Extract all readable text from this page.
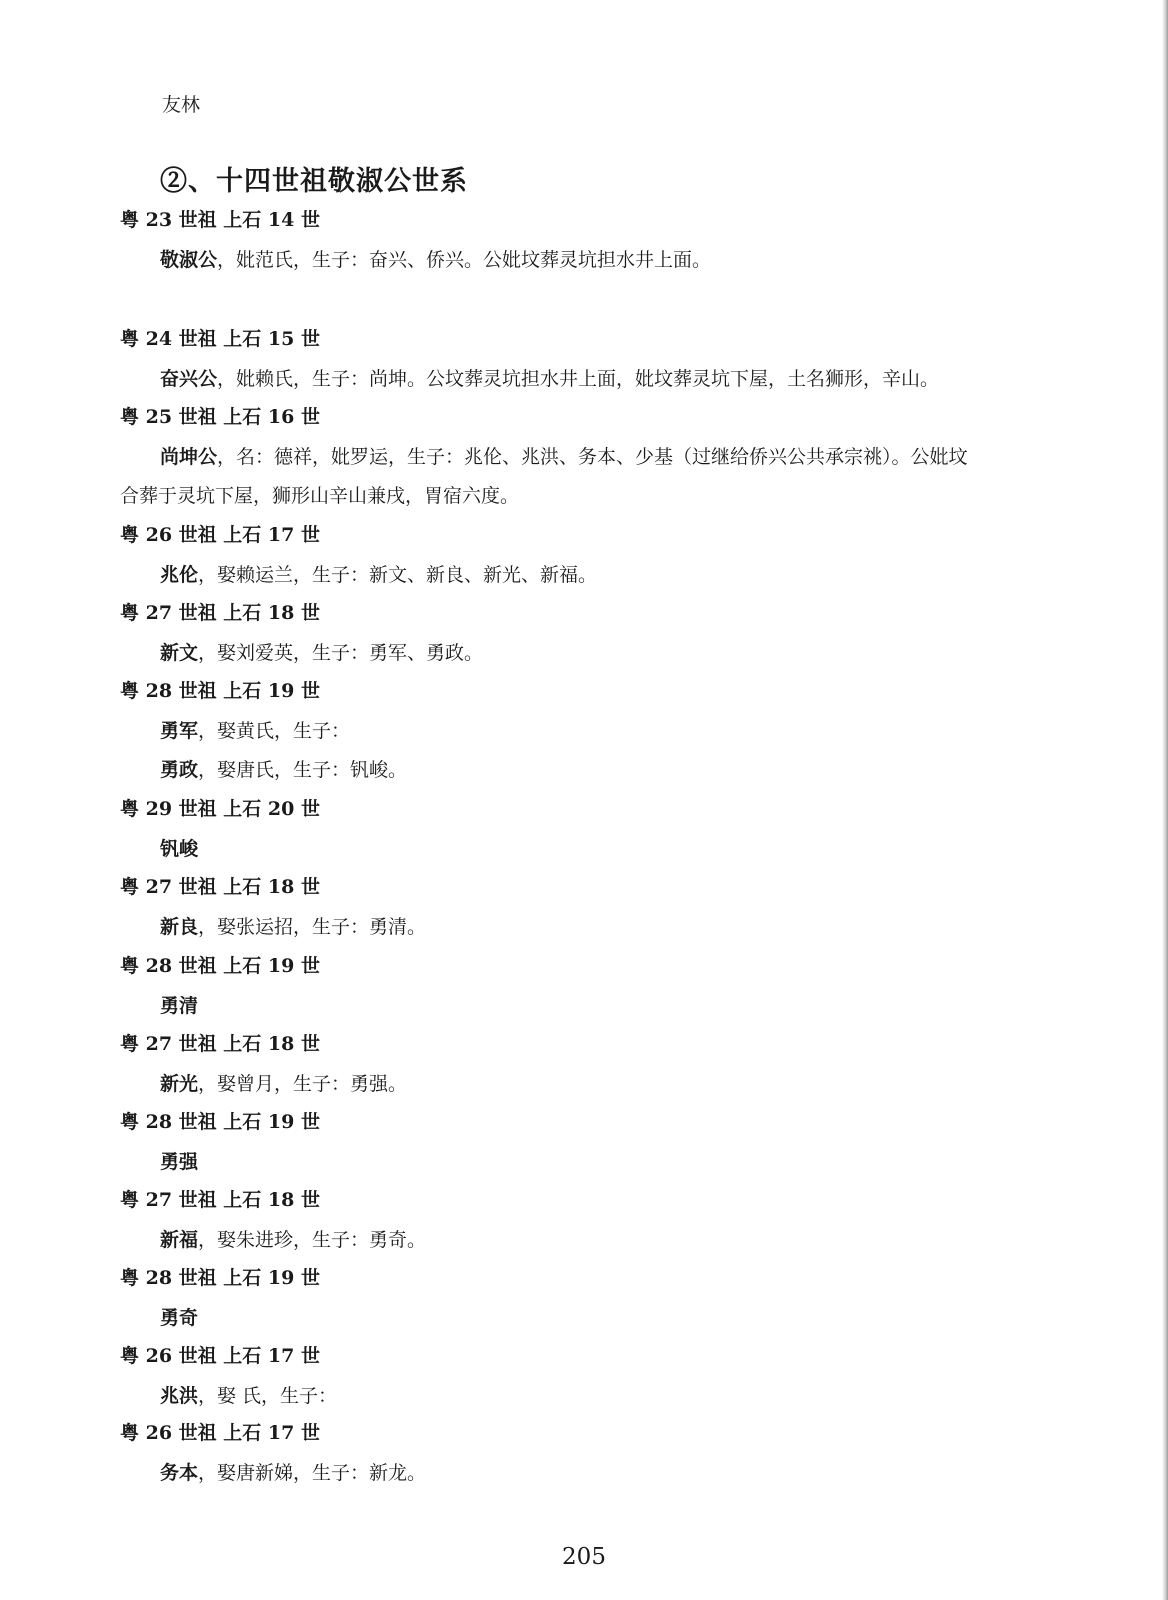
友林
②、十四世祖敬淑公世系
粤 23 世祖 上石 14 世
敬淑公，妣范氏，生子：奋兴、侨兴。公妣坟葬灵坑担水井上面。
粤 24 世祖 上石 15 世
奋兴公，妣赖氏，生子：尚坤。公坟葬灵坑担水井上面，妣坟葬灵坑下屋，土名狮形，辛山。
粤 25 世祖 上石 16 世
尚坤公，名：德祥，妣罗运，生子：兆伦、兆洪、务本、少基（过继给侨兴公共承宗祧）。公妣坟
合葬于灵坑下屋，狮形山辛山兼戌，胃宿六度。
粤 26 世祖 上石 17 世
兆伦，娶赖运兰，生子：新文、新良、新光、新福。
粤 27 世祖 上石 18 世
新文，娶刘爱英，生子：勇军、勇政。
粤 28 世祖 上石 19 世
勇军，娶黄氏，生子：
勇政，娶唐氏，生子：钒峻。
粤 29 世祖 上石 20 世
钒峻
粤 27 世祖 上石 18 世
新良，娶张运招，生子：勇清。
粤 28 世祖 上石 19 世
勇清
粤 27 世祖 上石 18 世
新光，娶曾月，生子：勇强。
粤 28 世祖 上石 19 世
勇强
粤 27 世祖 上石 18 世
新福，娶朱进珍，生子：勇奇。
粤 28 世祖 上石 19 世
勇奇
粤 26 世祖 上石 17 世
兆洪，娶 氏，生子：
粤 26 世祖 上石 17 世
务本，娶唐新娣，生子：新龙。
205
